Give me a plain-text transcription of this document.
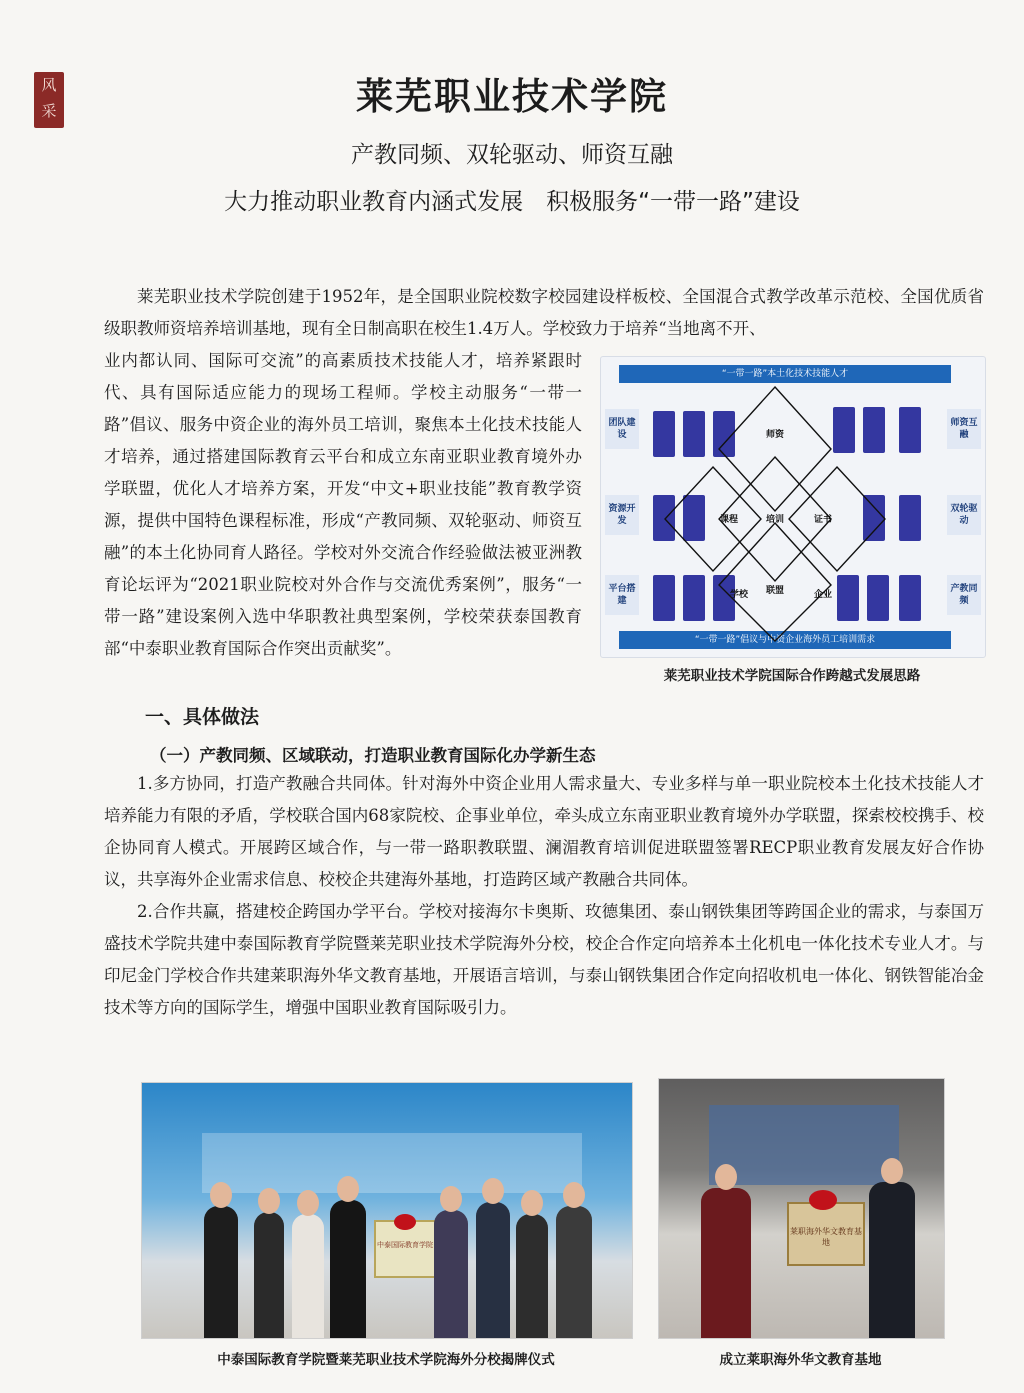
风
采	莱芜职业技术学院
产教同频、双轮驱动、师资互融
大力推动职业教育内涵式发展　积极服务“一带一路”建设

莱芜职业技术学院创建于1952年，是全国职业院校数字校园建设样板校、全国混合式教学改革示范校、全国优质省级职教师资培养培训基地，现有全日制高职在校生1.4万人。学校致力于培养“当地离不开、

业内都认同、国际可交流”的高素质技术技能人才，培养紧跟时代、具有国际适应能力的现场工程师。学校主动服务“一带一路”倡议、服务中资企业的海外员工培训，聚焦本土化技术技能人才培养，通过搭建国际教育云平台和成立东南亚职业教育境外办学联盟，优化人才培养方案，开发“中文+职业技能”教育教学资源，提供中国特色课程标准，形成“产教同频、双轮驱动、师资互融”的本土化协同育人路径。学校对外交流合作经验做法被亚洲教育论坛评为“2021职业院校对外合作与交流优秀案例”，服务“一带一路”建设案例入选中华职教社典型案例，学校荣获泰国教育部“中泰职业教育国际合作突出贡献奖”。

“一带一路”本土化技术技能人才
“一带一路”倡议与中资企业海外员工培训需求
团队建设
资源开发
平台搭建
师资互融
双轮驱动
产教同频
师资
课程	培训	证书
学校 联盟	企业
莱芜职业技术学院国际合作跨越式发展思路
一、具体做法
（一）产教同频、区域联动，打造职业教育国际化办学新生态

1.多方协同，打造产教融合共同体。针对海外中资企业用人需求量大、专业多样与单一职业院校本土化技术技能人才培养能力有限的矛盾，学校联合国内68家院校、企事业单位，牵头成立东南亚职业教育境外办学联盟，探索校校携手、校企协同育人模式。开展跨区域合作，与一带一路职教联盟、澜湄教育培训促进联盟签署RECP职业教育发展友好合作协议，共享海外企业需求信息、校校企共建海外基地，打造跨区域产教融合共同体。

2.合作共赢，搭建校企跨国办学平台。学校对接海尔卡奥斯、玫德集团、泰山钢铁集团等跨国企业的需求，与泰国万盛技术学院共建中泰国际教育学院暨莱芜职业技术学院海外分校，校企合作定向培养本土化机电一体化技术专业人才。与印尼金门学校合作共建莱职海外华文教育基地，开展语言培训，与泰山钢铁集团合作定向招收机电一体化、钢铁智能冶金技术等方向的国际学生，增强中国职业教育国际吸引力。

中泰国际教育学院
中泰国际教育学院暨莱芜职业技术学院海外分校揭牌仪式
莱职海外华文教育基地
成立莱职海外华文教育基地
